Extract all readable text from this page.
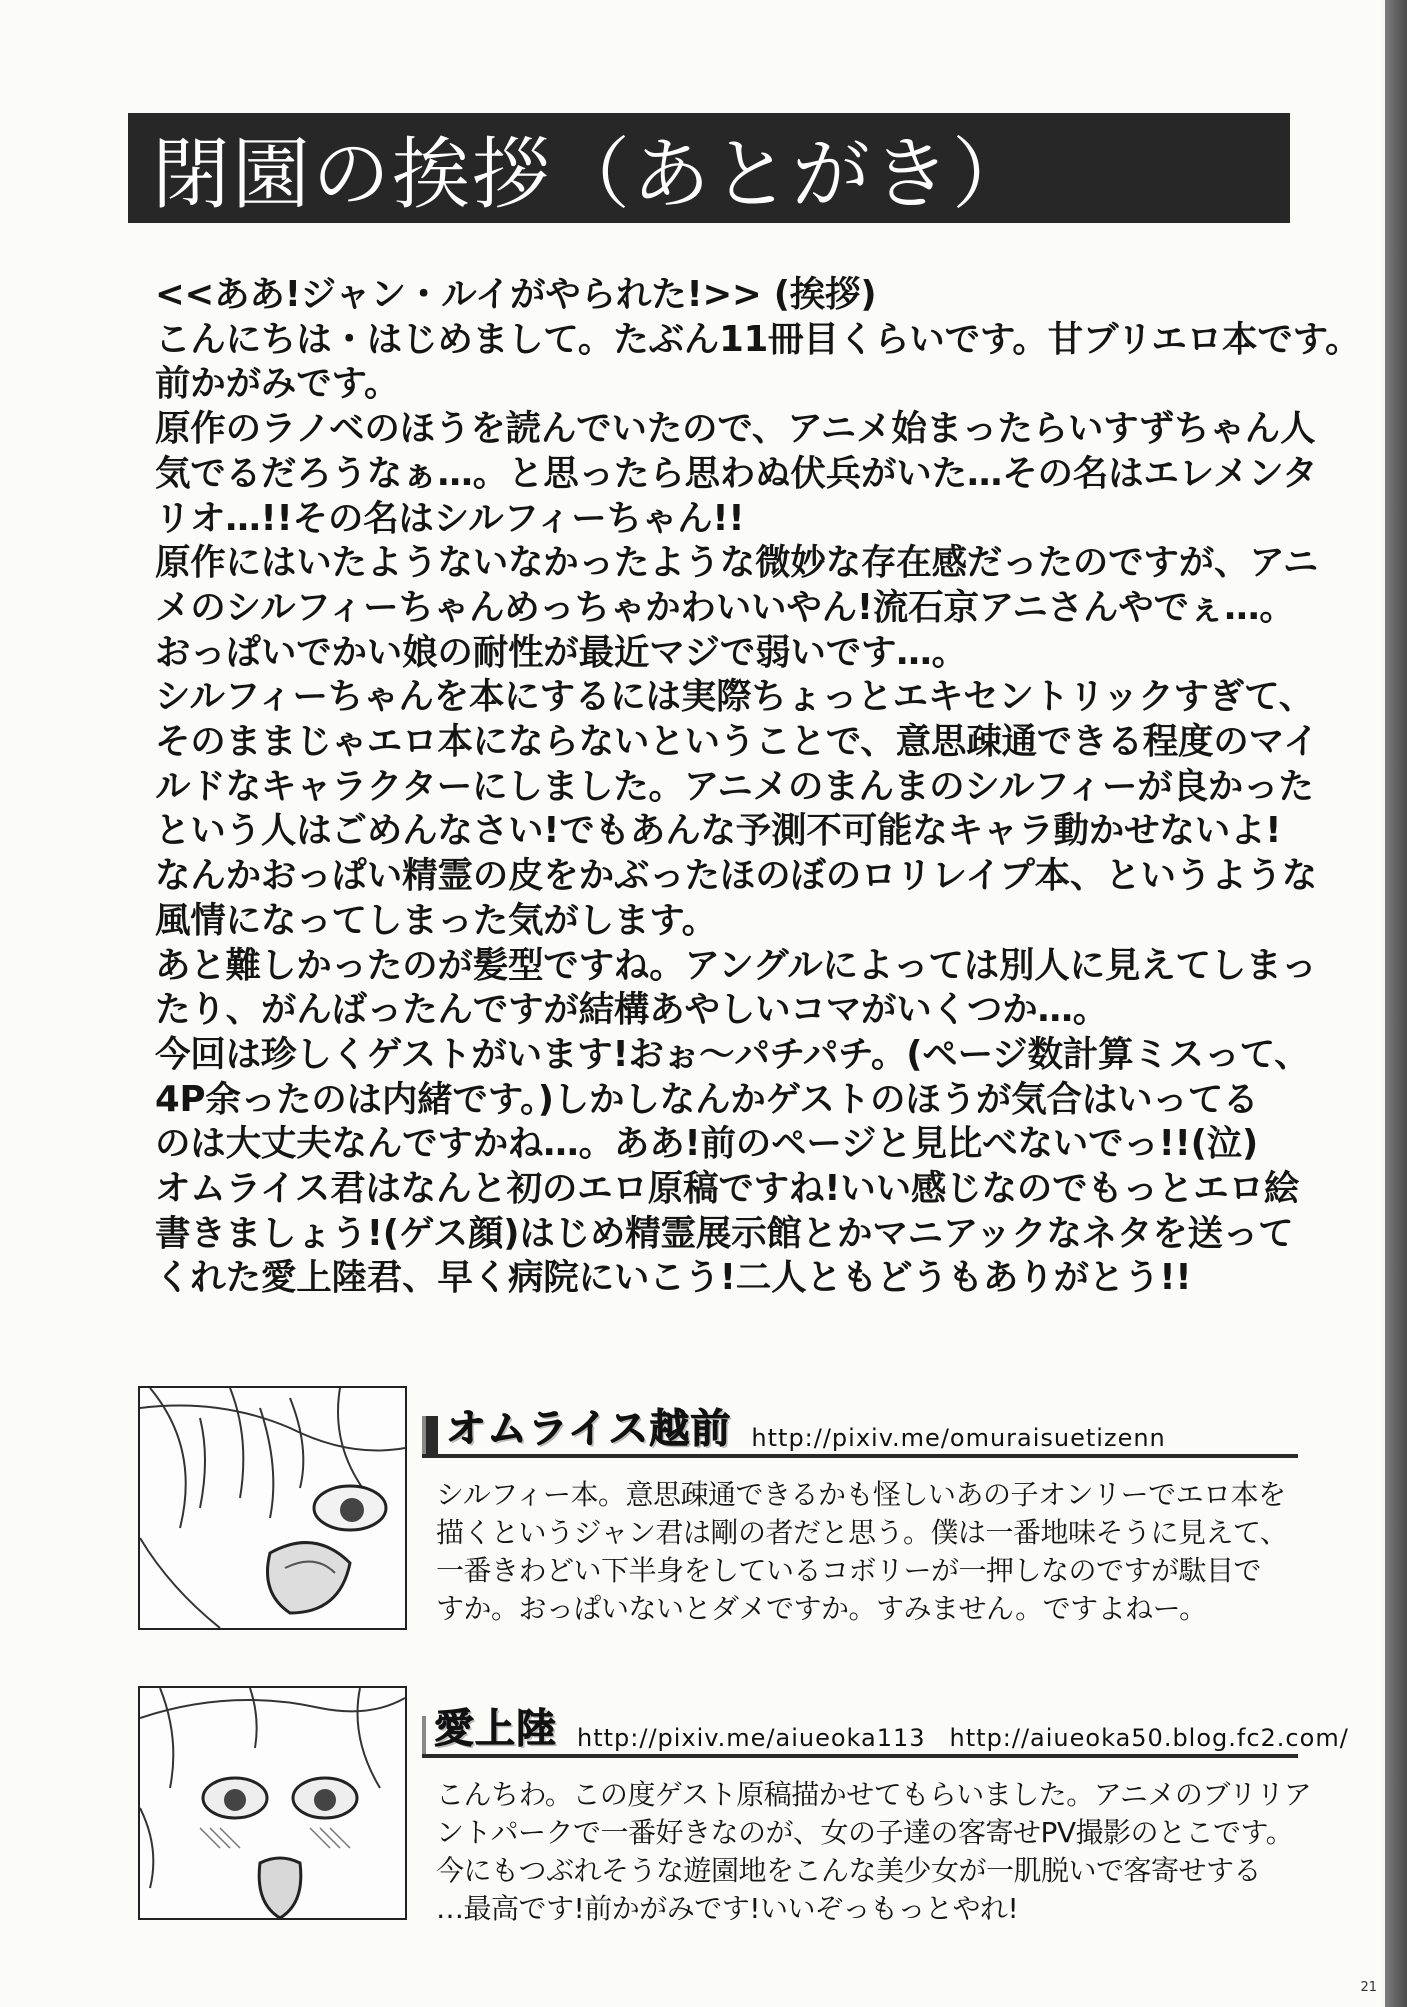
閉園の挨拶（あとがき）
<<ああ!ジャン・ルイがやられた!>> (挨拶)
こんにちは・はじめまして。たぶん11冊目くらいです。甘ブリエロ本です。
前かがみです。
原作のラノベのほうを読んでいたので、アニメ始まったらいすずちゃん人
気でるだろうなぁ…。と思ったら思わぬ伏兵がいた…その名はエレメンタ
リオ…!!その名はシルフィーちゃん!!
原作にはいたようないなかったような微妙な存在感だったのですが、アニ
メのシルフィーちゃんめっちゃかわいいやん!流石京アニさんやでぇ…。
おっぱいでかい娘の耐性が最近マジで弱いです…。
シルフィーちゃんを本にするには実際ちょっとエキセントリックすぎて、
そのままじゃエロ本にならないということで、意思疎通できる程度のマイ
ルドなキャラクターにしました。アニメのまんまのシルフィーが良かった
という人はごめんなさい!でもあんな予測不可能なキャラ動かせないよ!
なんかおっぱい精霊の皮をかぶったほのぼのロリレイプ本、というような
風情になってしまった気がします。
あと難しかったのが髪型ですね。アングルによっては別人に見えてしまっ
たり、がんばったんですが結構あやしいコマがいくつか…。
今回は珍しくゲストがいます!おぉ〜パチパチ。(ページ数計算ミスって、
4P余ったのは内緒です。)しかしなんかゲストのほうが気合はいってる
のは大丈夫なんですかね…。ああ!前のページと見比べないでっ!!(泣)
オムライス君はなんと初のエロ原稿ですね!いい感じなのでもっとエロ絵
書きましょう!(ゲス顔)はじめ精霊展示館とかマニアックなネタを送って
くれた愛上陸君、早く病院にいこう!二人ともどうもありがとう!!
オムライス越前 http://pixiv.me/omuraisuetizenn
シルフィー本。意思疎通できるかも怪しいあの子オンリーでエロ本を
描くというジャン君は剛の者だと思う。僕は一番地味そうに見えて、
一番きわどい下半身をしているコボリーが一押しなのですが駄目で
すか。おっぱいないとダメですか。すみません。ですよねー。
愛上陸 http://pixiv.me/aiueoka113 http://aiueoka50.blog.fc2.com/
こんちわ。この度ゲスト原稿描かせてもらいました。アニメのブリリア
ントパークで一番好きなのが、女の子達の客寄せPV撮影のとこです。
今にもつぶれそうな遊園地をこんな美少女が一肌脱いで客寄せする
…最高です!前かがみです!いいぞっもっとやれ!
21
